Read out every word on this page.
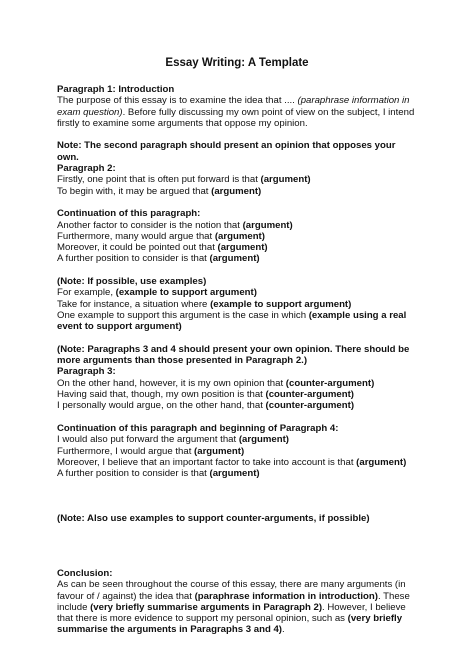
Essay Writing: A Template
Paragraph 1: Introduction
The purpose of this essay is to examine the idea that .... (paraphrase information in
exam question). Before fully discussing my own point of view on the subject, I intend
firstly to examine some arguments that oppose my opinion.
Note: The second paragraph should present an opinion that opposes your own.
Paragraph 2:
Firstly, one point that is often put forward is that (argument)
To begin with, it may be argued that (argument)
Continuation of this paragraph:
Another factor to consider is the notion that (argument)
Furthermore, many would argue that (argument)
Moreover, it could be pointed out that (argument)
A further position to consider is that (argument)
(Note: If possible, use examples)
For example, (example to support argument)
Take for instance, a situation where (example to support argument)
One example to support this argument is the case in which (example using a real event to support argument)
(Note: Paragraphs 3 and 4 should present your own opinion. There should be more arguments than those presented in Paragraph 2.)
Paragraph 3:
On the other hand, however, it is my own opinion that (counter-argument)
Having said that, though, my own position is that (counter-argument)
I personally would argue, on the other hand, that (counter-argument)
Continuation of this paragraph and beginning of Paragraph 4:
I would also put forward the argument that (argument)
Furthermore, I would argue that (argument)
Moreover, I believe that an important factor to take into account is that (argument)
A further position to consider is that (argument)
(Note: Also use examples to support counter-arguments, if possible)
Conclusion:
As can be seen throughout the course of this essay, there are many arguments (in
favour of / against) the idea that (paraphrase information in introduction). These
include (very briefly summarise arguments in Paragraph 2). However, I believe
that there is more evidence to support my personal opinion, such as (very briefly
summarise the arguments in Paragraphs 3 and 4).
